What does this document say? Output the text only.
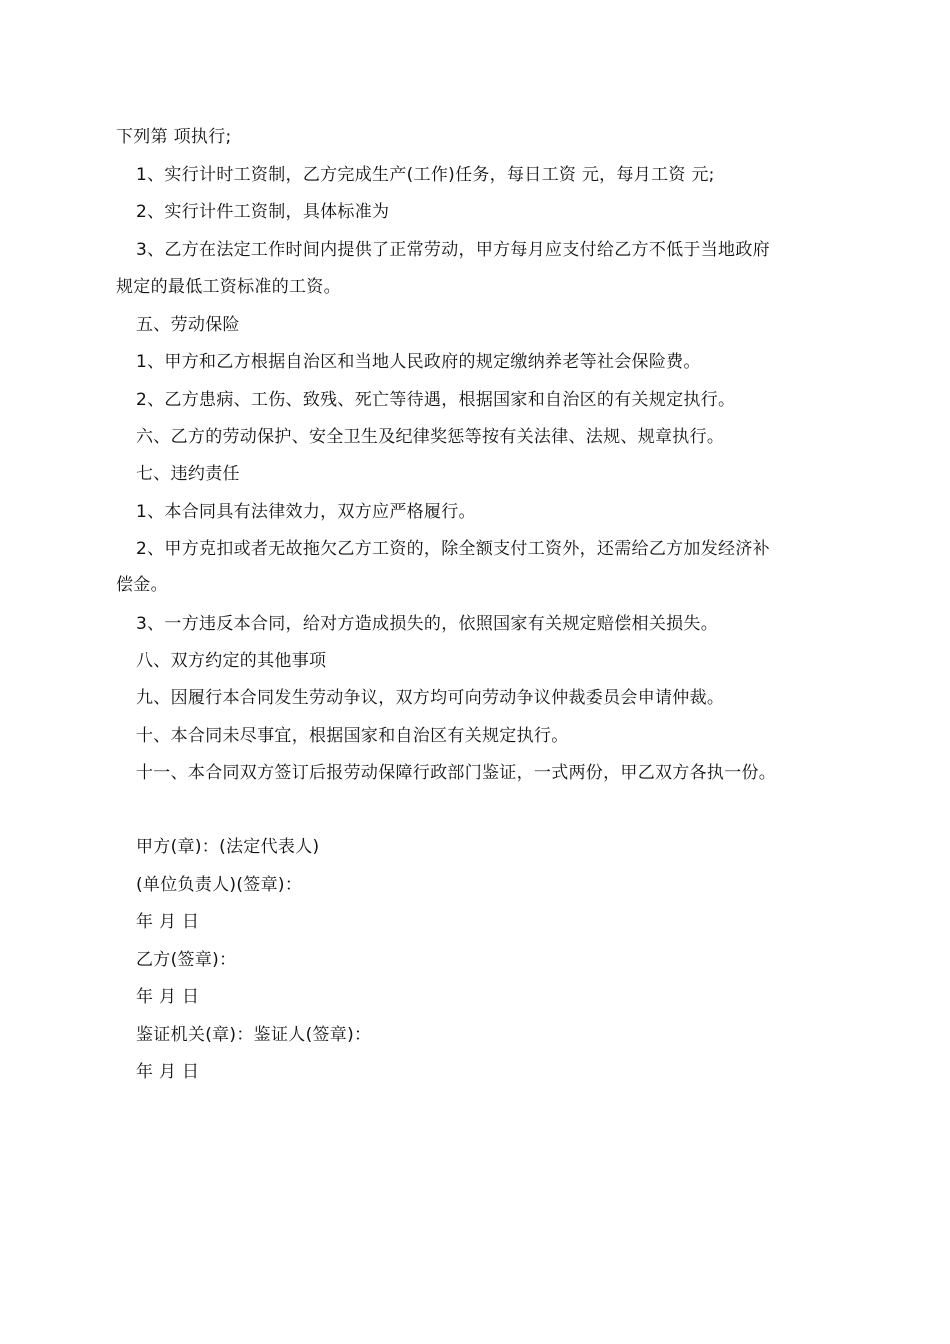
下列第 项执行;
1、实行计时工资制，乙方完成生产(工作)任务，每日工资 元，每月工资 元;
2、实行计件工资制，具体标准为
3、乙方在法定工作时间内提供了正常劳动，甲方每月应支付给乙方不低于当地政府
规定的最低工资标准的工资。
五、劳动保险
1、甲方和乙方根据自治区和当地人民政府的规定缴纳养老等社会保险费。
2、乙方患病、工伤、致残、死亡等待遇，根据国家和自治区的有关规定执行。
六、乙方的劳动保护、安全卫生及纪律奖惩等按有关法律、法规、规章执行。
七、违约责任
1、本合同具有法律效力，双方应严格履行。
2、甲方克扣或者无故拖欠乙方工资的，除全额支付工资外，还需给乙方加发经济补
偿金。
3、一方违反本合同，给对方造成损失的，依照国家有关规定赔偿相关损失。
八、双方约定的其他事项
九、因履行本合同发生劳动争议，双方均可向劳动争议仲裁委员会申请仲裁。
十、本合同未尽事宜，根据国家和自治区有关规定执行。
十一、本合同双方签订后报劳动保障行政部门鉴证，一式两份，甲乙双方各执一份。
甲方(章)：(法定代表人)
(单位负责人)(签章)：
年 月 日
乙方(签章)：
年 月 日
鉴证机关(章)：鉴证人(签章)：
年 月 日
